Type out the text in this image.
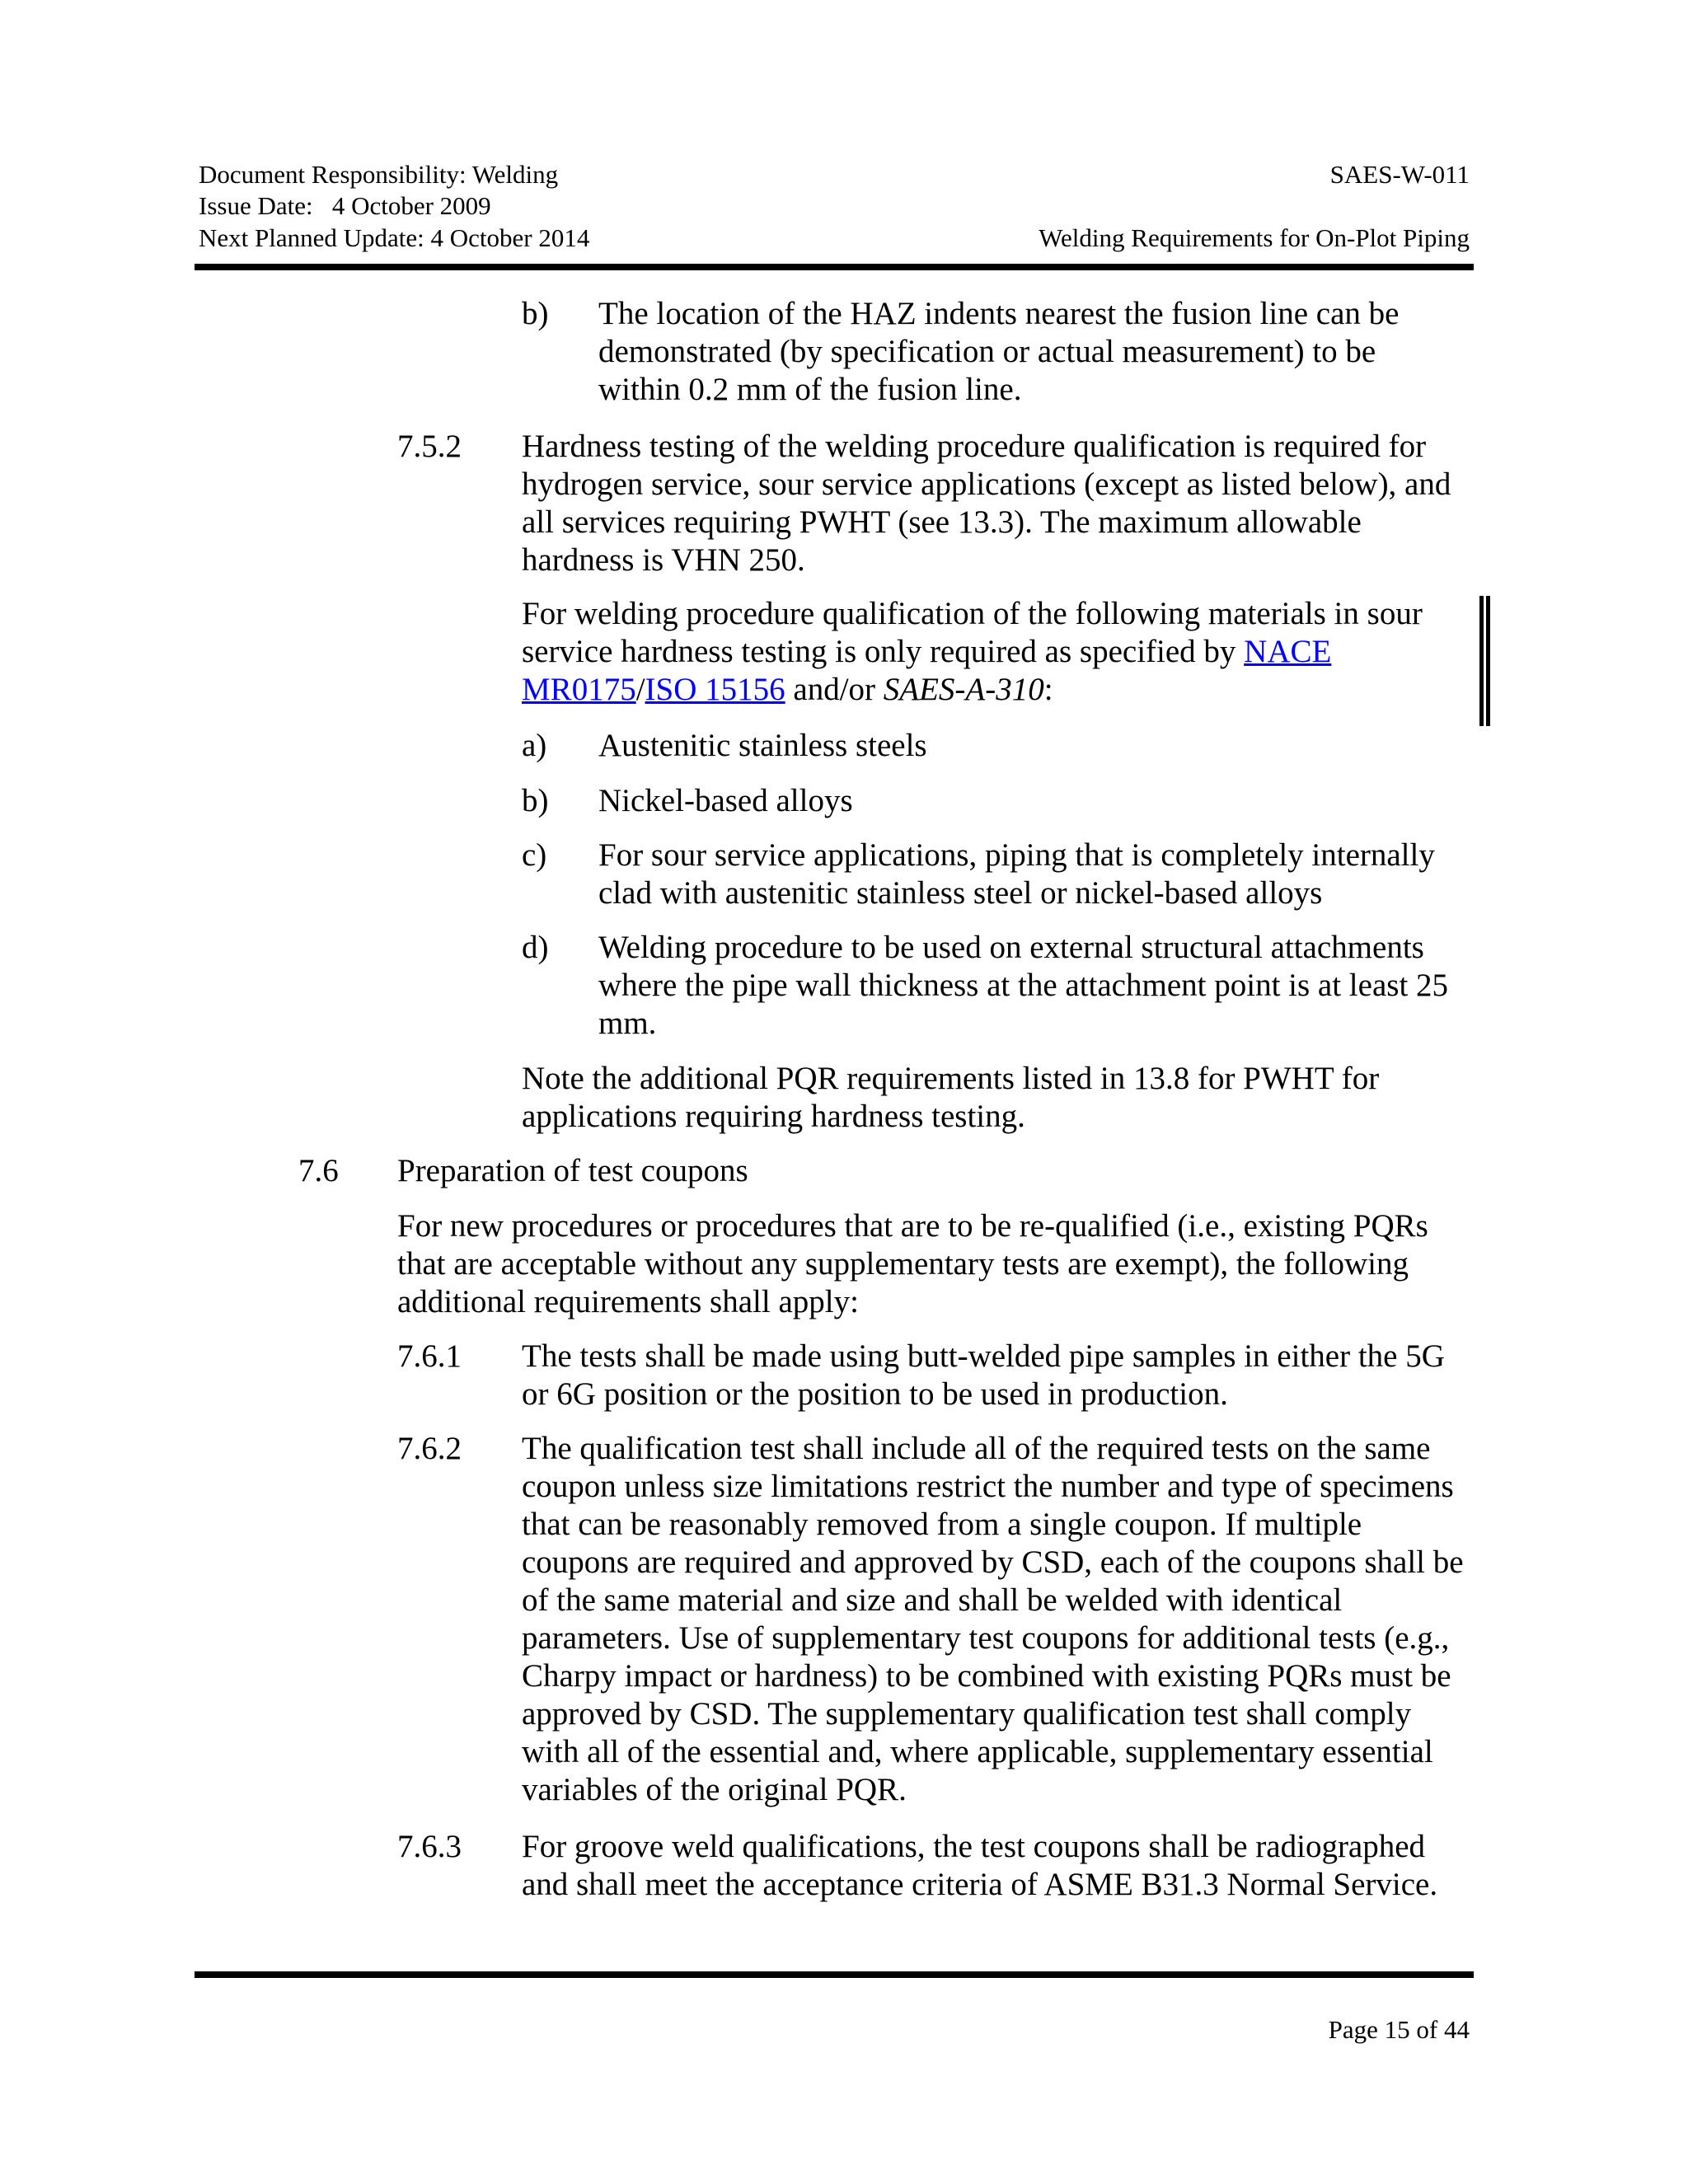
Document Responsibility: Welding
Issue Date:   4 October 2009
Next Planned Update: 4 October 2014
SAES-W-011
Welding Requirements for On-Plot Piping
b) The location of the HAZ indents nearest the fusion line can be demonstrated (by specification or actual measurement) to be within 0.2 mm of the fusion line.
7.5.2 Hardness testing of the welding procedure qualification is required for hydrogen service, sour service applications (except as listed below), and all services requiring PWHT (see 13.3). The maximum allowable hardness is VHN 250.
For welding procedure qualification of the following materials in sour service hardness testing is only required as specified by NACE MR0175/ISO 15156 and/or SAES-A-310:
a) Austenitic stainless steels
b) Nickel-based alloys
c) For sour service applications, piping that is completely internally clad with austenitic stainless steel or nickel-based alloys
d) Welding procedure to be used on external structural attachments where the pipe wall thickness at the attachment point is at least 25 mm.
Note the additional PQR requirements listed in 13.8 for PWHT for applications requiring hardness testing.
7.6 Preparation of test coupons
For new procedures or procedures that are to be re-qualified (i.e., existing PQRs that are acceptable without any supplementary tests are exempt), the following additional requirements shall apply:
7.6.1 The tests shall be made using butt-welded pipe samples in either the 5G or 6G position or the position to be used in production.
7.6.2 The qualification test shall include all of the required tests on the same coupon unless size limitations restrict the number and type of specimens that can be reasonably removed from a single coupon. If multiple coupons are required and approved by CSD, each of the coupons shall be of the same material and size and shall be welded with identical parameters. Use of supplementary test coupons for additional tests (e.g., Charpy impact or hardness) to be combined with existing PQRs must be approved by CSD. The supplementary qualification test shall comply with all of the essential and, where applicable, supplementary essential variables of the original PQR.
7.6.3 For groove weld qualifications, the test coupons shall be radiographed and shall meet the acceptance criteria of ASME B31.3 Normal Service.
Page 15 of 44
